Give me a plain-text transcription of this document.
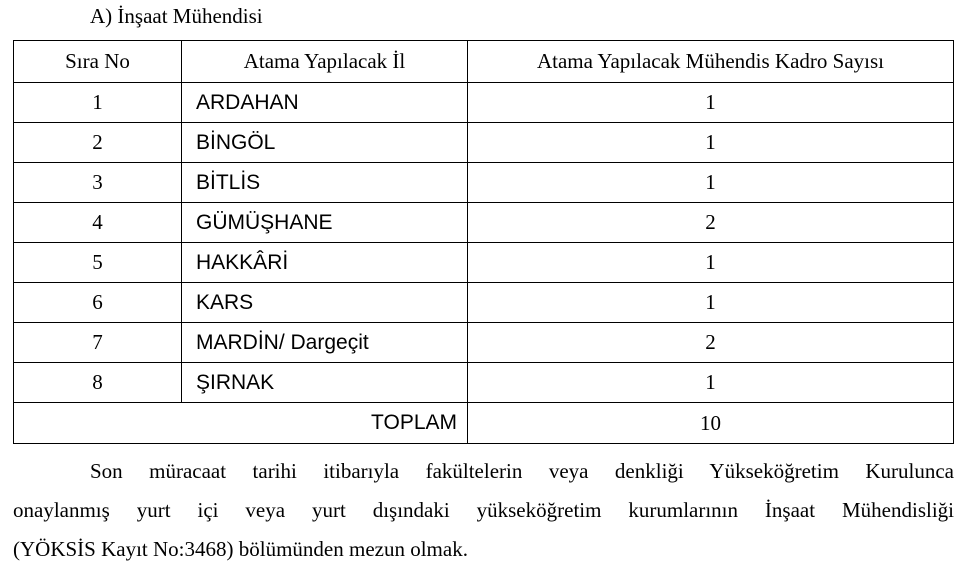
A) İnşaat Mühendisi
Sıra No	Atama Yapılacak İl	Atama Yapılacak Mühendis Kadro Sayısı
1	ARDAHAN	1
2	BİNGÖL	1
3	BİTLİS	1
4	GÜMÜŞHANE	2
5	HAKKÂRİ	1
6	KARS	1
7	MARDİN/ Dargeçit	2
8	ŞIRNAK	1
TOPLAM		10
Son müracaat tarihi itibarıyla fakültelerin veya denkliği Yükseköğretim Kurulunca
onaylanmış yurt içi veya yurt dışındaki yükseköğretim kurumlarının İnşaat Mühendisliği
(YÖKSİS Kayıt No:3468) bölümünden mezun olmak.
